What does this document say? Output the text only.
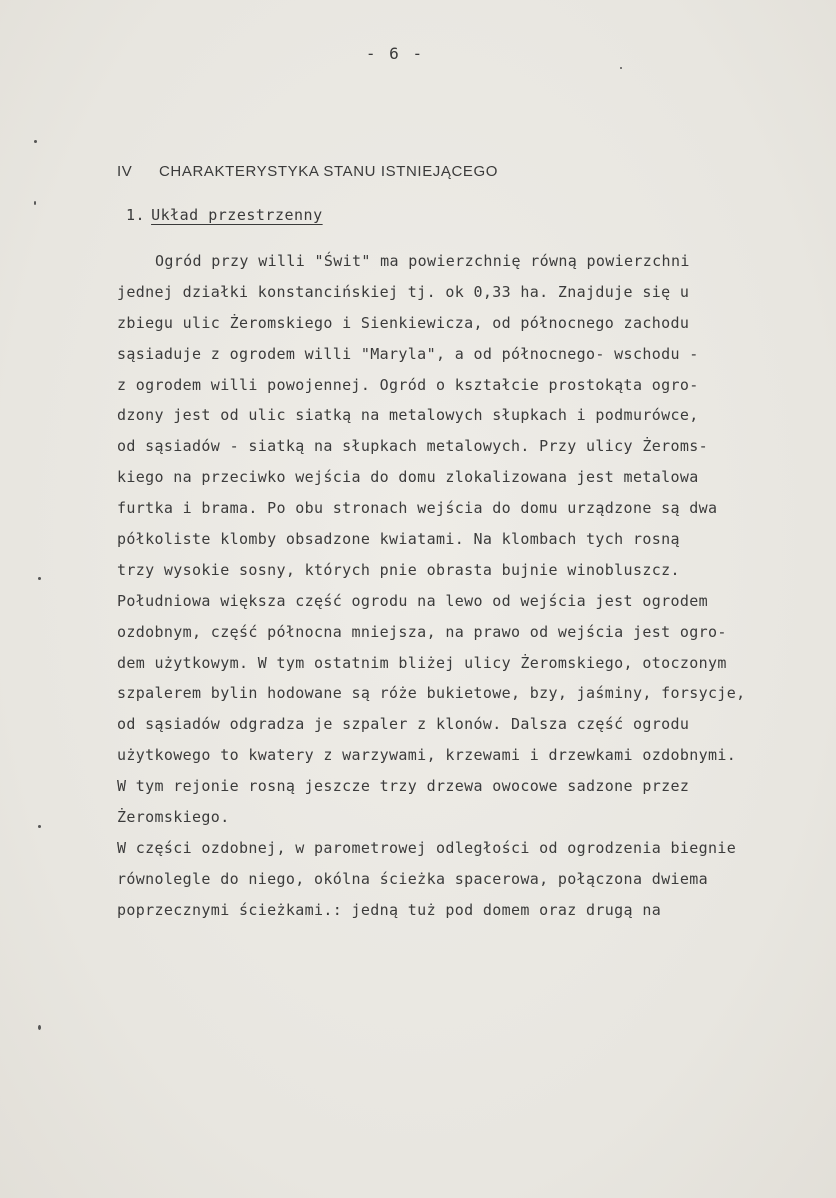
- 6 -
IV CHARAKTERYSTYKA STANU ISTNIEJĄCEGO
1. Układ przestrzenny
Ogród przy willi "Świt" ma powierzchnię równą powierzchni
jednej działki konstancińskiej tj. ok 0,33 ha. Znajduje się u
zbiegu ulic Żeromskiego i Sienkiewicza, od północnego zachodu
sąsiaduje z ogrodem willi "Maryla", a od północnego- wschodu -
z ogrodem willi powojennej. Ogród o kształcie prostokąta ogro-
dzony jest od ulic siatką na metalowych słupkach i podmurówce,
od sąsiadów - siatką na słupkach metalowych. Przy ulicy Żeroms-
kiego na przeciwko wejścia do domu zlokalizowana jest metalowa
furtka i brama. Po obu stronach wejścia do domu urządzone są dwa
półkoliste klomby obsadzone kwiatami. Na klombach tych rosną
trzy wysokie sosny, których pnie obrasta bujnie winobluszcz.
Południowa większa część ogrodu na lewo od wejścia jest ogrodem
ozdobnym, część północna mniejsza, na prawo od wejścia jest ogro-
dem użytkowym. W tym ostatnim bliżej ulicy Żeromskiego, otoczonym
szpalerem bylin hodowane są róże bukietowe, bzy, jaśminy, forsycje,
od sąsiadów odgradza je szpaler z klonów. Dalsza część ogrodu
użytkowego to kwatery z warzywami, krzewami i drzewkami ozdobnymi.
W tym rejonie rosną jeszcze trzy drzewa owocowe sadzone przez
Żeromskiego.
W części ozdobnej, w parometrowej odległości od ogrodzenia biegnie
równolegle do niego, okólna ścieżka spacerowa, połączona dwiema
poprzecznymi ścieżkami.: jedną tuż pod domem oraz drugą na
